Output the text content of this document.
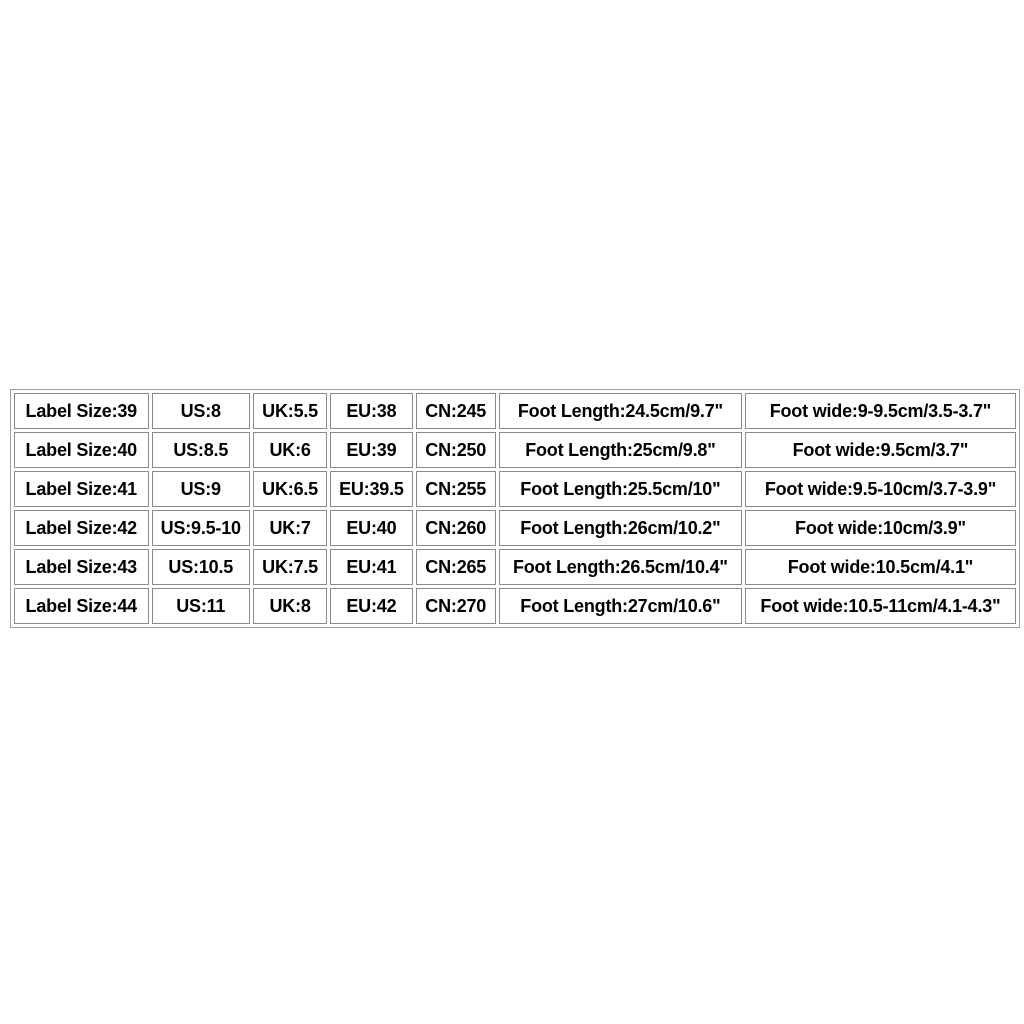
Label Size:39	US:8	UK:5.5	EU:38	CN:245	Foot Length:24.5cm/9.7"	Foot wide:9-9.5cm/3.5-3.7"
Label Size:40	US:8.5	UK:6	EU:39	CN:250	Foot Length:25cm/9.8"	Foot wide:9.5cm/3.7"
Label Size:41	US:9	UK:6.5	EU:39.5	CN:255	Foot Length:25.5cm/10"	Foot wide:9.5-10cm/3.7-3.9"
Label Size:42	US:9.5-10	UK:7	EU:40	CN:260	Foot Length:26cm/10.2"	Foot wide:10cm/3.9"
Label Size:43	US:10.5	UK:7.5	EU:41	CN:265	Foot Length:26.5cm/10.4"	Foot wide:10.5cm/4.1"
Label Size:44	US:11	UK:8	EU:42	CN:270	Foot Length:27cm/10.6"	Foot wide:10.5-11cm/4.1-4.3"
